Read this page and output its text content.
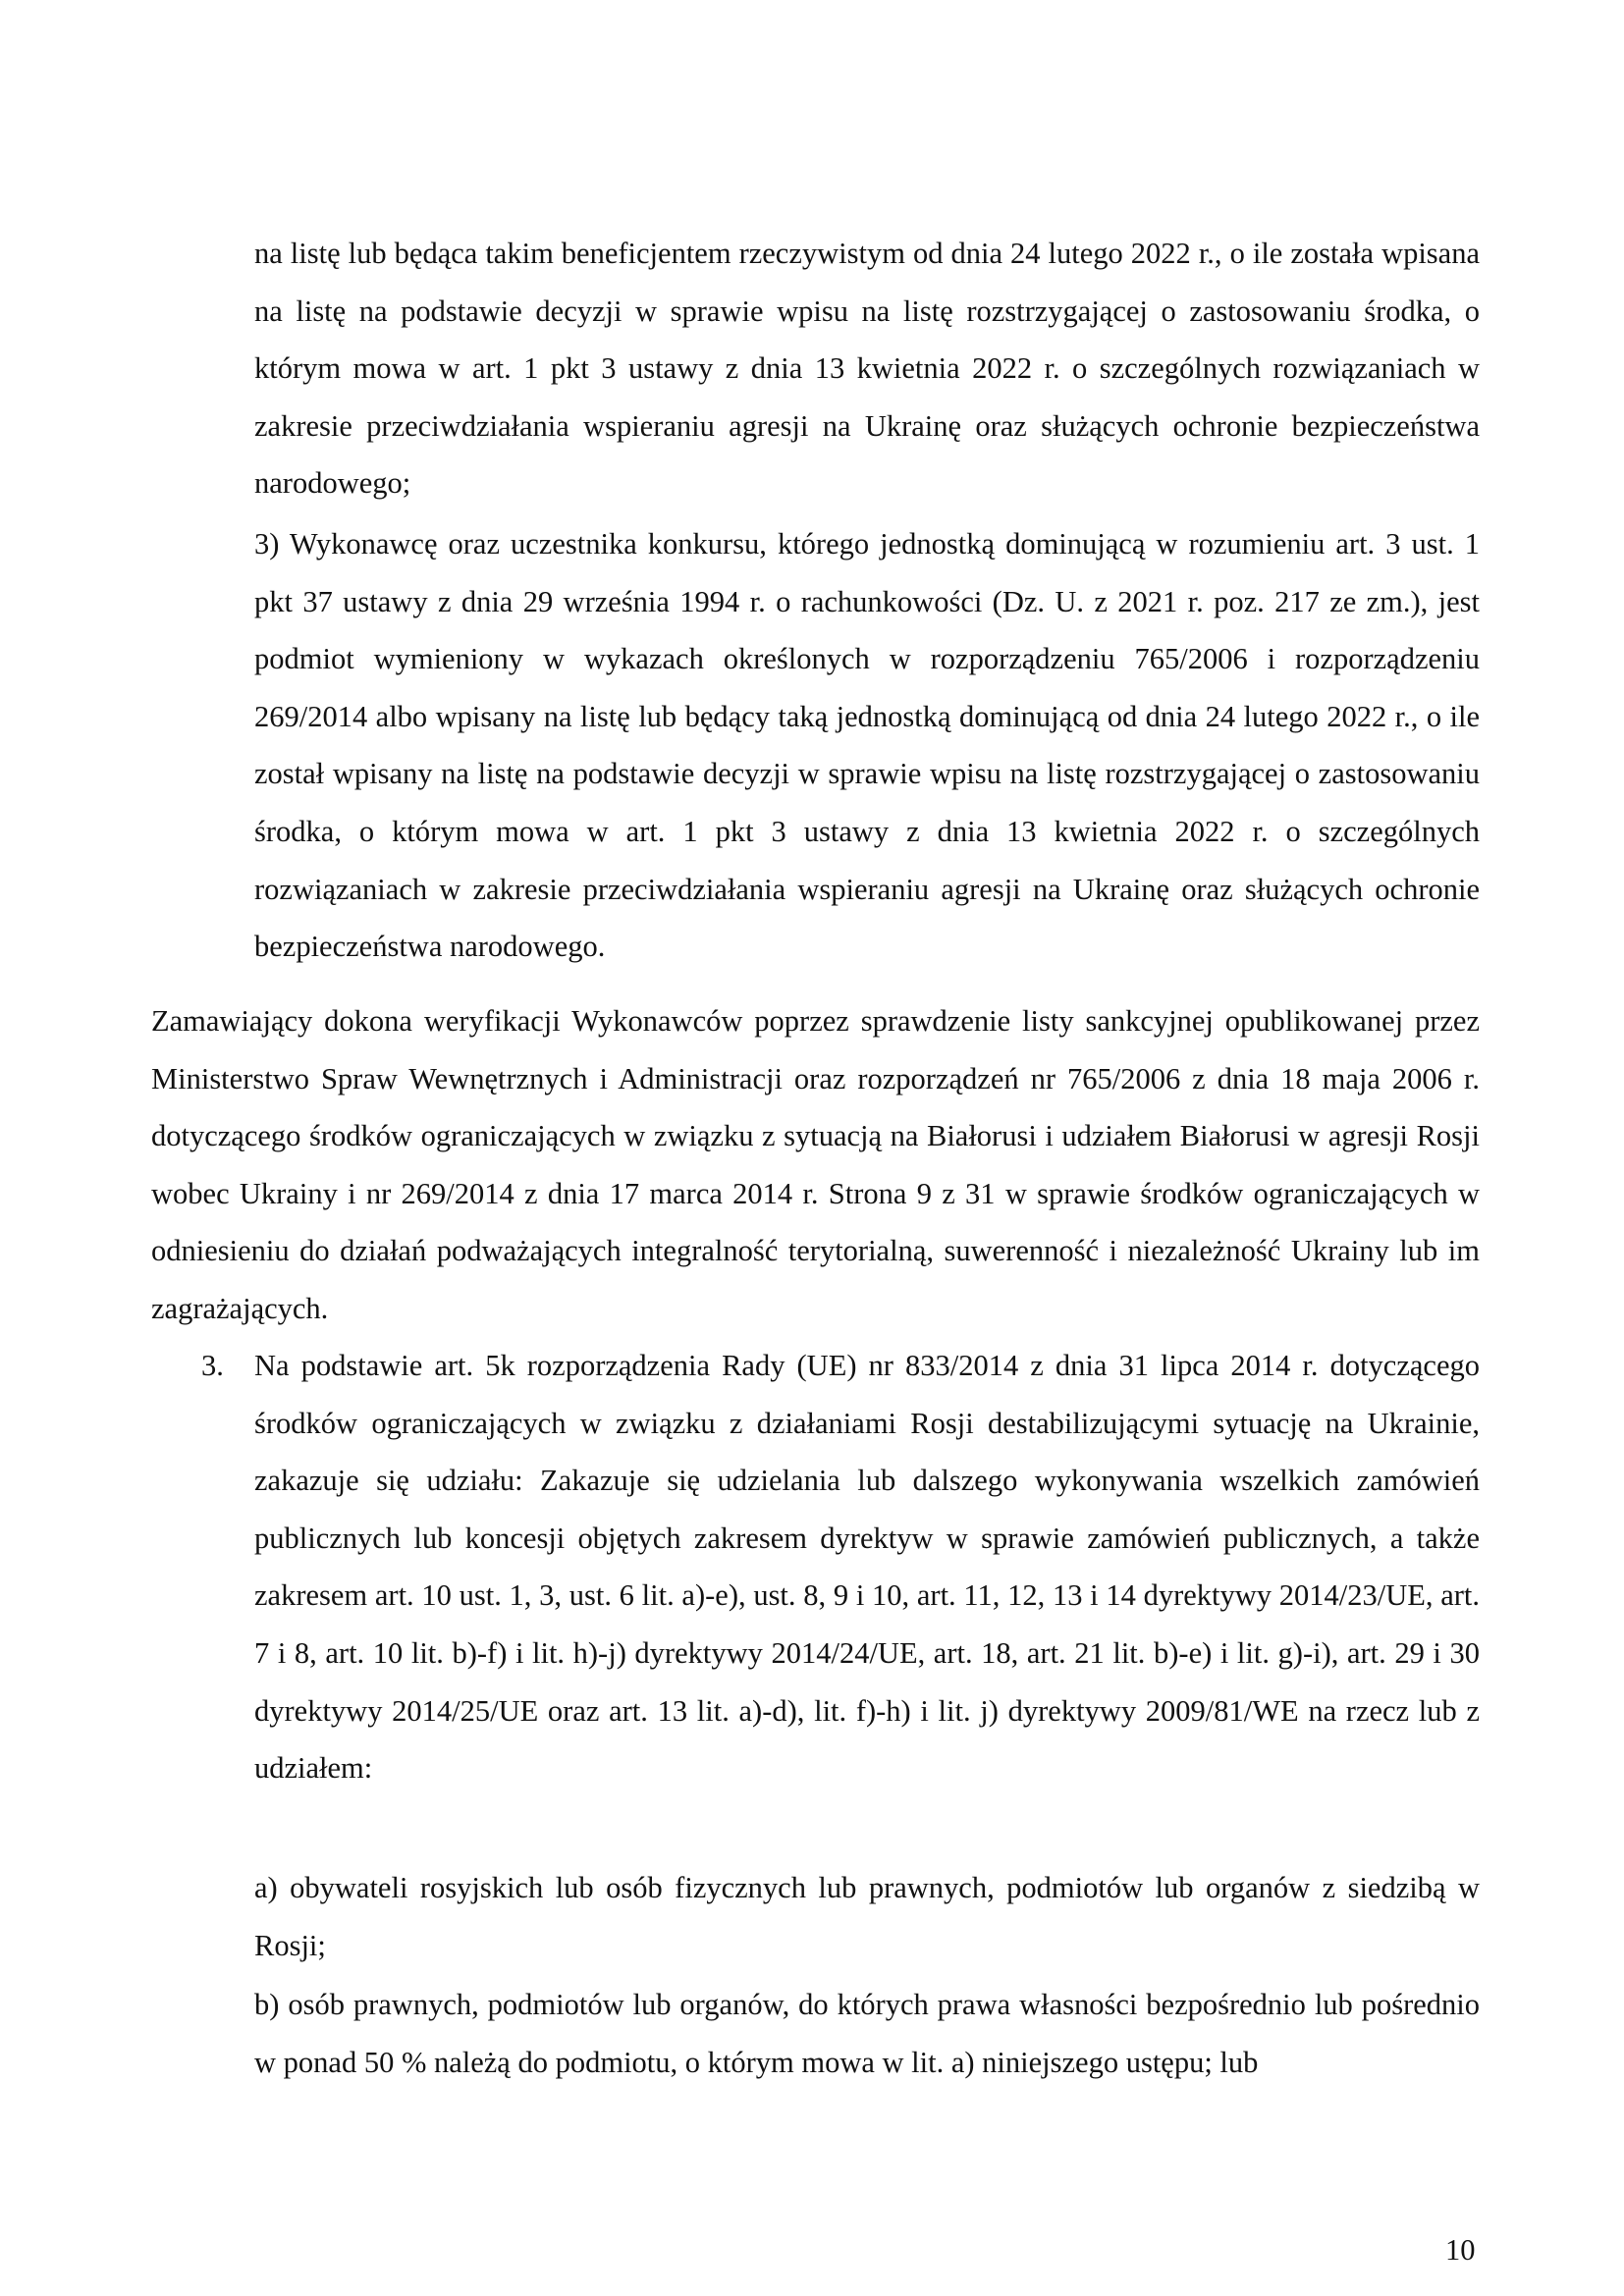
na listę lub będąca takim beneficjentem rzeczywistym od dnia 24 lutego 2022 r., o ile została wpisana na listę na podstawie decyzji w sprawie wpisu na listę rozstrzygającej o zastosowaniu środka, o którym mowa w art. 1 pkt 3 ustawy z dnia 13 kwietnia 2022 r. o szczególnych rozwiązaniach w zakresie przeciwdziałania wspieraniu agresji na Ukrainę oraz służących ochronie bezpieczeństwa narodowego;
3) Wykonawcę oraz uczestnika konkursu, którego jednostką dominującą w rozumieniu art. 3 ust. 1 pkt 37 ustawy z dnia 29 września 1994 r. o rachunkowości (Dz. U. z 2021 r. poz. 217 ze zm.), jest podmiot wymieniony w wykazach określonych w rozporządzeniu 765/2006 i rozporządzeniu 269/2014 albo wpisany na listę lub będący taką jednostką dominującą od dnia 24 lutego 2022 r., o ile został wpisany na listę na podstawie decyzji w sprawie wpisu na listę rozstrzygającej o zastosowaniu środka, o którym mowa w art. 1 pkt 3 ustawy z dnia 13 kwietnia 2022 r. o szczególnych rozwiązaniach w zakresie przeciwdziałania wspieraniu agresji na Ukrainę oraz służących ochronie bezpieczeństwa narodowego.
Zamawiający dokona weryfikacji Wykonawców poprzez sprawdzenie listy sankcyjnej opublikowanej przez Ministerstwo Spraw Wewnętrznych i Administracji oraz rozporządzeń nr 765/2006 z dnia 18 maja 2006 r. dotyczącego środków ograniczających w związku z sytuacją na Białorusi i udziałem Białorusi w agresji Rosji wobec Ukrainy i nr 269/2014 z dnia 17 marca 2014 r. Strona 9 z 31 w sprawie środków ograniczających w odniesieniu do działań podważających integralność terytorialną, suwerenność i niezależność Ukrainy lub im zagrażających.
3. Na podstawie art. 5k rozporządzenia Rady (UE) nr 833/2014 z dnia 31 lipca 2014 r. dotyczącego środków ograniczających w związku z działaniami Rosji destabilizującymi sytuację na Ukrainie, zakazuje się udziału: Zakazuje się udzielania lub dalszego wykonywania wszelkich zamówień publicznych lub koncesji objętych zakresem dyrektyw w sprawie zamówień publicznych, a także zakresem art. 10 ust. 1, 3, ust. 6 lit. a)-e), ust. 8, 9 i 10, art. 11, 12, 13 i 14 dyrektywy 2014/23/UE, art. 7 i 8, art. 10 lit. b)-f) i lit. h)-j) dyrektywy 2014/24/UE, art. 18, art. 21 lit. b)-e) i lit. g)-i), art. 29 i 30 dyrektywy 2014/25/UE oraz art. 13 lit. a)-d), lit. f)-h) i lit. j) dyrektywy 2009/81/WE na rzecz lub z udziałem:
a) obywateli rosyjskich lub osób fizycznych lub prawnych, podmiotów lub organów z siedzibą w Rosji;
b) osób prawnych, podmiotów lub organów, do których prawa własności bezpośrednio lub pośrednio w ponad 50 % należą do podmiotu, o którym mowa w lit. a) niniejszego ustępu; lub
10
